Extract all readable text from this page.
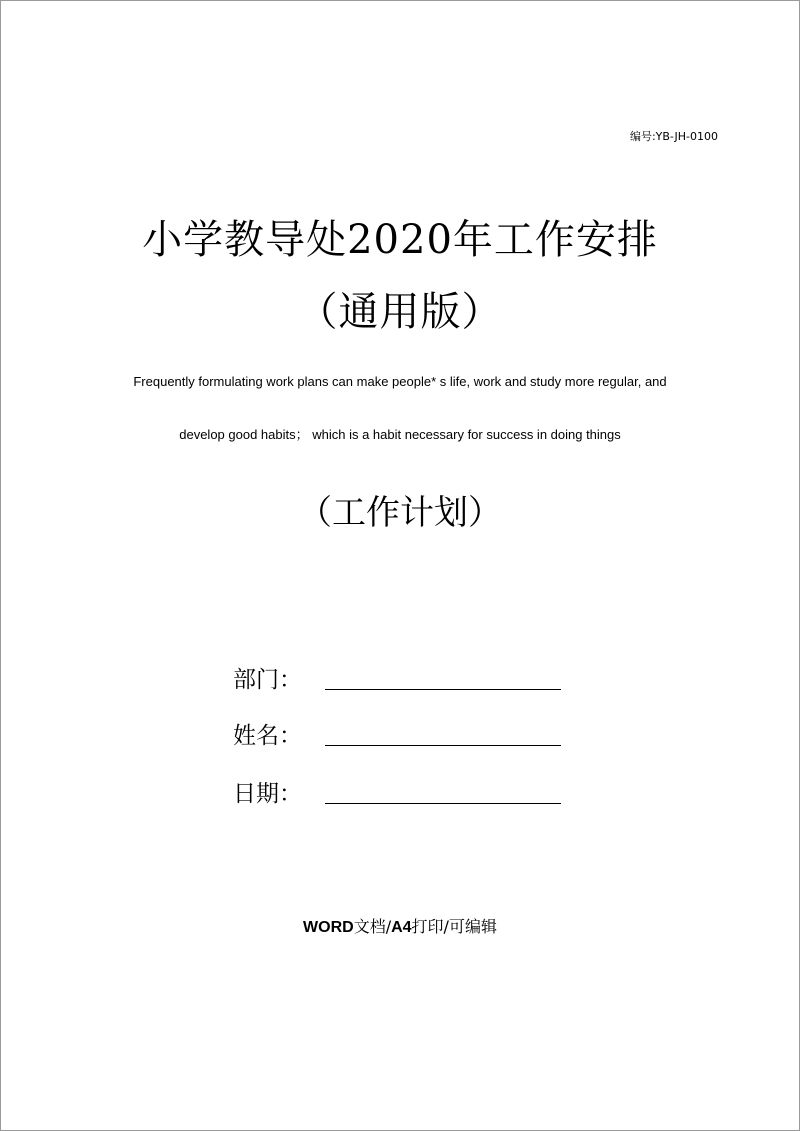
编号:YB-JH-0100
小学教导处2020年工作安排
（通用版）
Frequently formulating work plans can make people* s life, work and study more regular, and
develop good habits； which is a habit necessary for success in doing things
（工作计划）
部门：
姓名：
日期：
WORD文档/A4打印/可编辑
